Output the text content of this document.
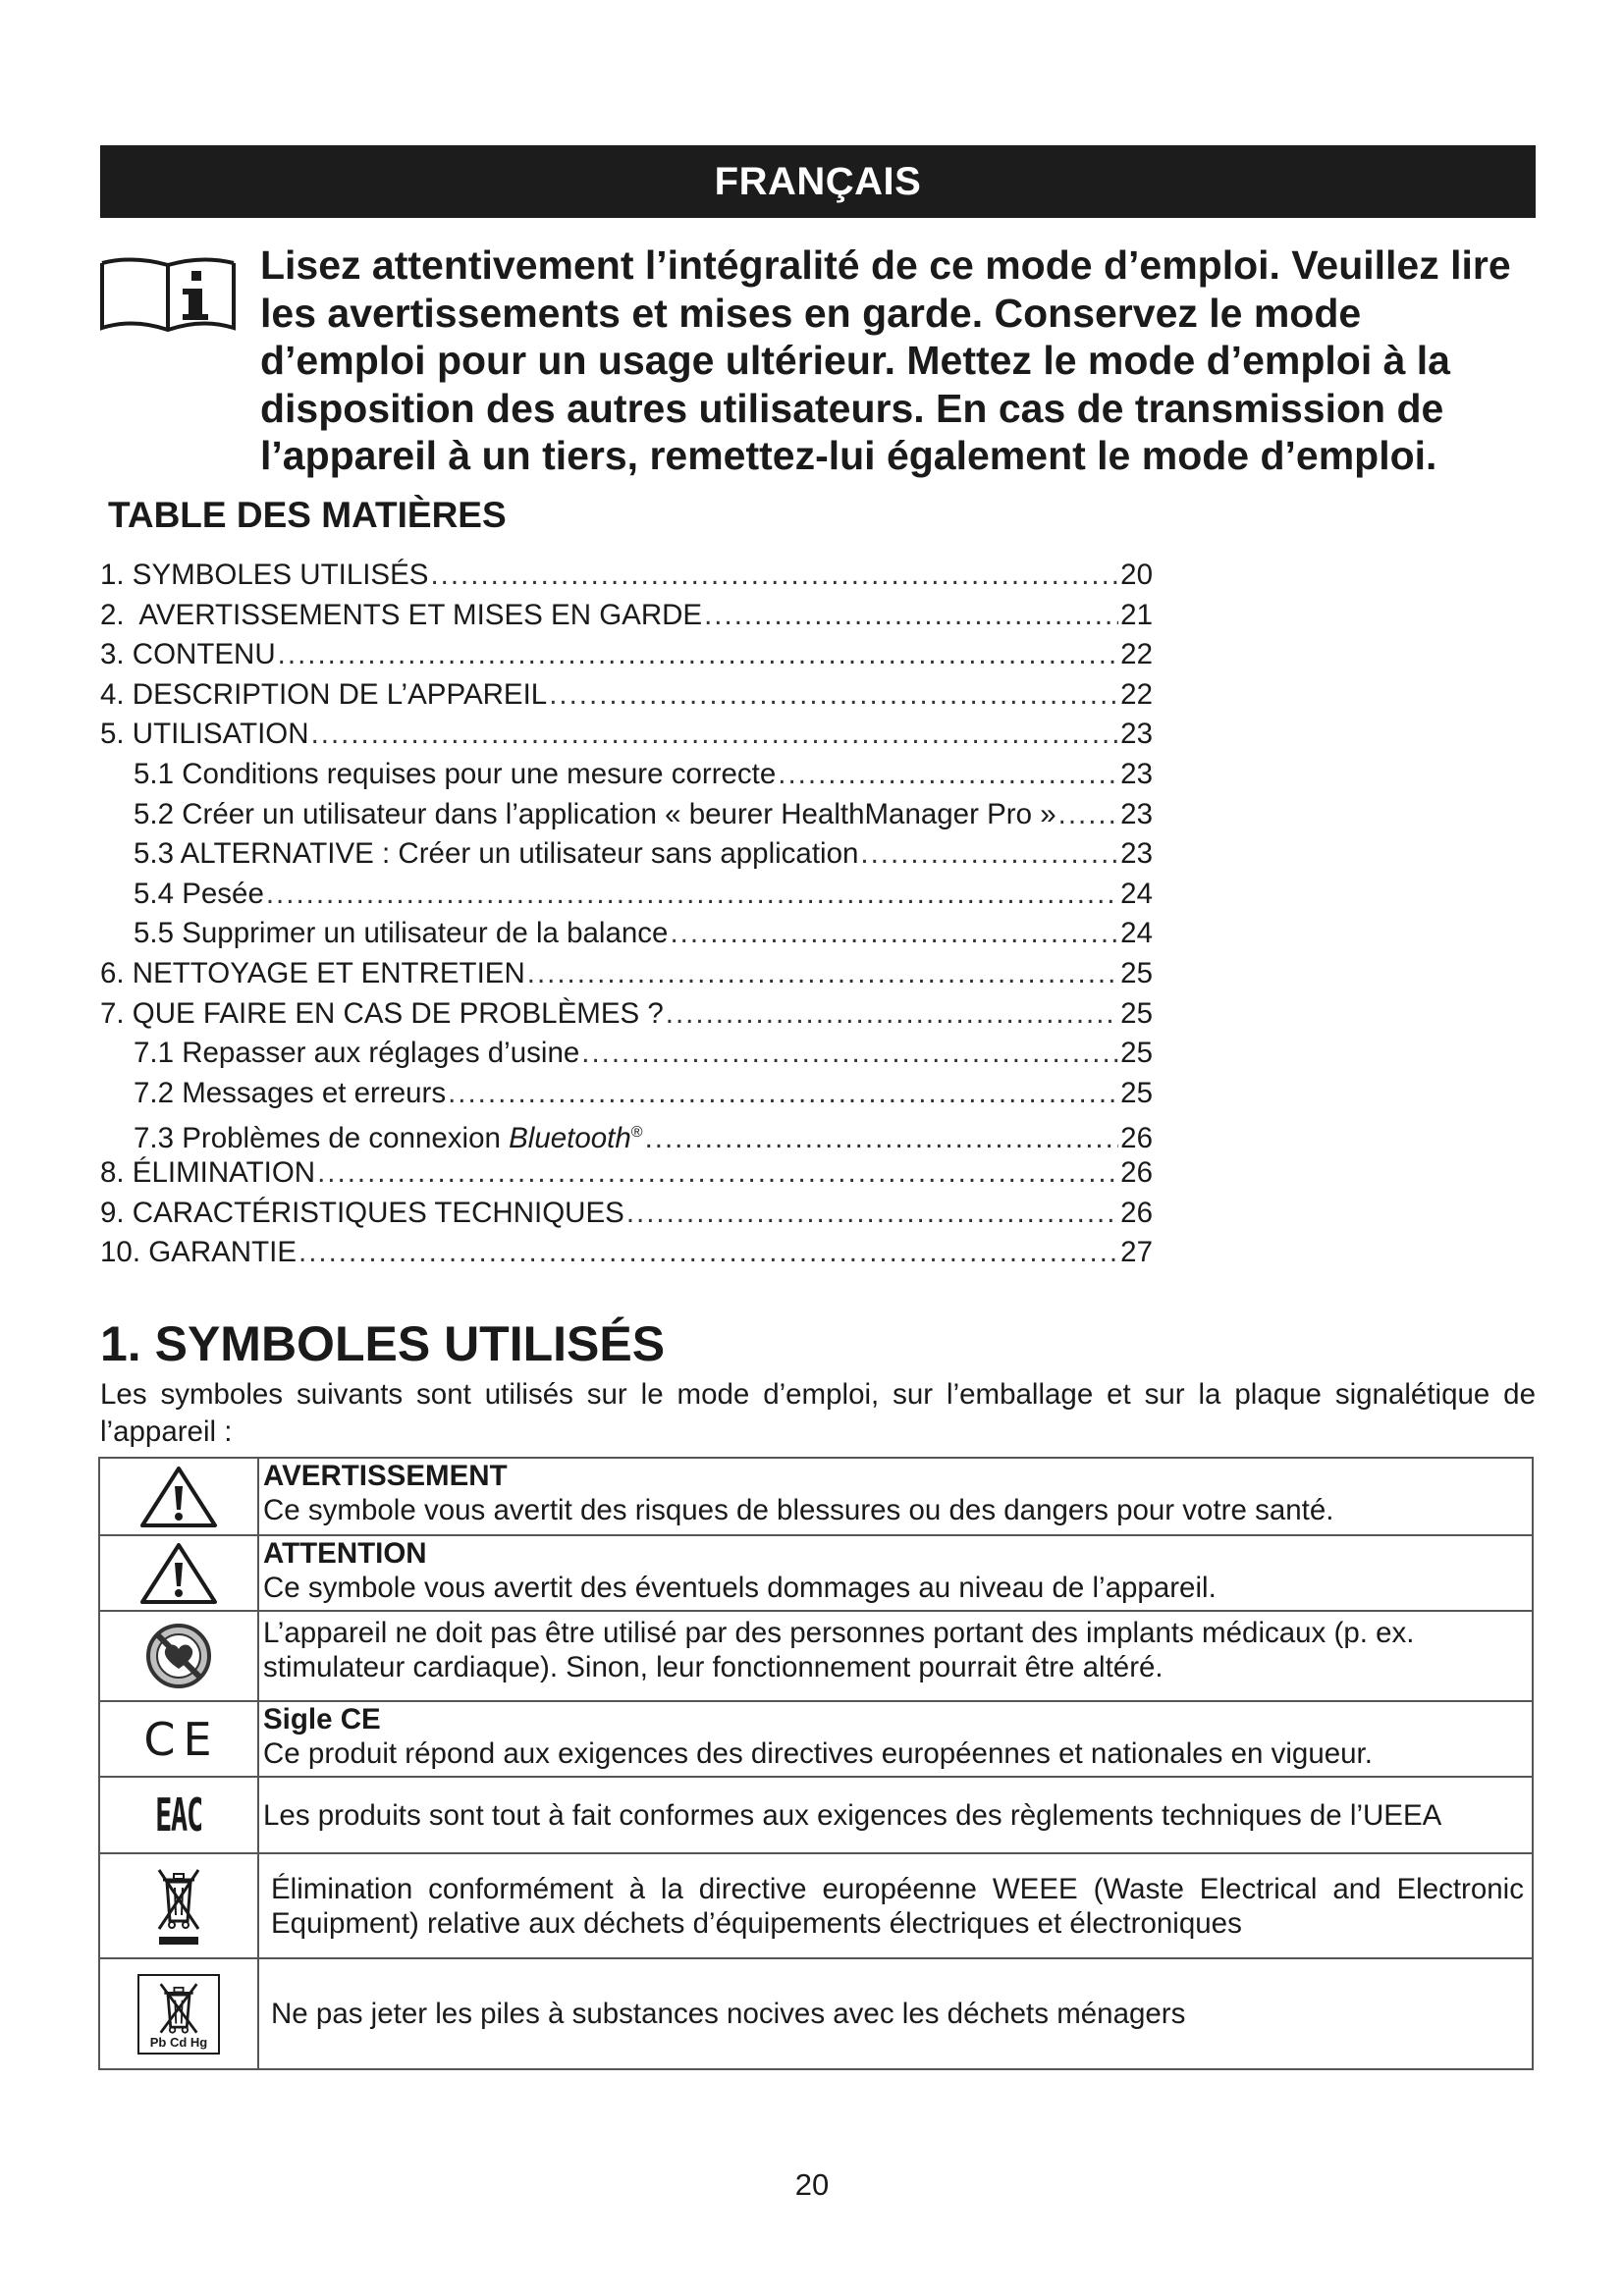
FRANÇAIS
Lisez attentivement l’intégralité de ce mode d’emploi. Veuillez lire les avertissements et mises en garde. Conservez le mode d’emploi pour un usage ultérieur. Mettez le mode d’emploi à la disposition des autres utilisateurs. En cas de transmission de l’appareil à un tiers, remettez-lui également le mode d’emploi.
TABLE DES MATIÈRES
1. SYMBOLES UTILISÉS .....	20
2.  AVERTISSEMENTS ET MISES EN GARDE .....	21
3. CONTENU .....	22
4. DESCRIPTION DE L’APPAREIL .....	22
5. UTILISATION .....	23
5.1 Conditions requises pour une mesure correcte .....	23
5.2 Créer un utilisateur dans l’application « beurer HealthManager Pro » ..... 23
5.3 ALTERNATIVE : Créer un utilisateur sans application .....	23
5.4 Pesée .....	24
5.5 Supprimer un utilisateur de la balance .....	24
6. NETTOYAGE ET ENTRETIEN .....	25
7. QUE FAIRE EN CAS DE PROBLÈMES ? .....	25
7.1 Repasser aux réglages d’usine .....	25
7.2 Messages et erreurs .....	25
7.3 Problèmes de connexion Bluetooth® .....	26
8. ÉLIMINATION .....	26
9. CARACTÉRISTIQUES TECHNIQUES .....	26
10. GARANTIE .....	27
1. SYMBOLES UTILISÉS
Les symboles suivants sont utilisés sur le mode d’emploi, sur l’emballage et sur la plaque signalétique de l’appareil :

AVERTISSEMENT
Ce symbole vous avertit des risques de blessures ou des dangers pour votre santé.

ATTENTION
Ce symbole vous avertit des éventuels dommages au niveau de l’appareil.

L’appareil ne doit pas être utilisé par des personnes portant des implants médicaux (p. ex. stimulateur cardiaque). Sinon, leur fonctionnement pourrait être altéré.

CE	Sigle CE
Ce produit répond aux exigences des directives européennes et nationales en vigueur.

EAC	Les produits sont tout à fait conformes aux exigences des règlements techniques de l’UEEA

Élimination conformément à la directive européenne WEEE (Waste Electrical and Electronic Equipment) relative aux déchets d’équipements électriques et électroniques

Pb Cd Hg	Ne pas jeter les piles à substances nocives avec les déchets ménagers
20
